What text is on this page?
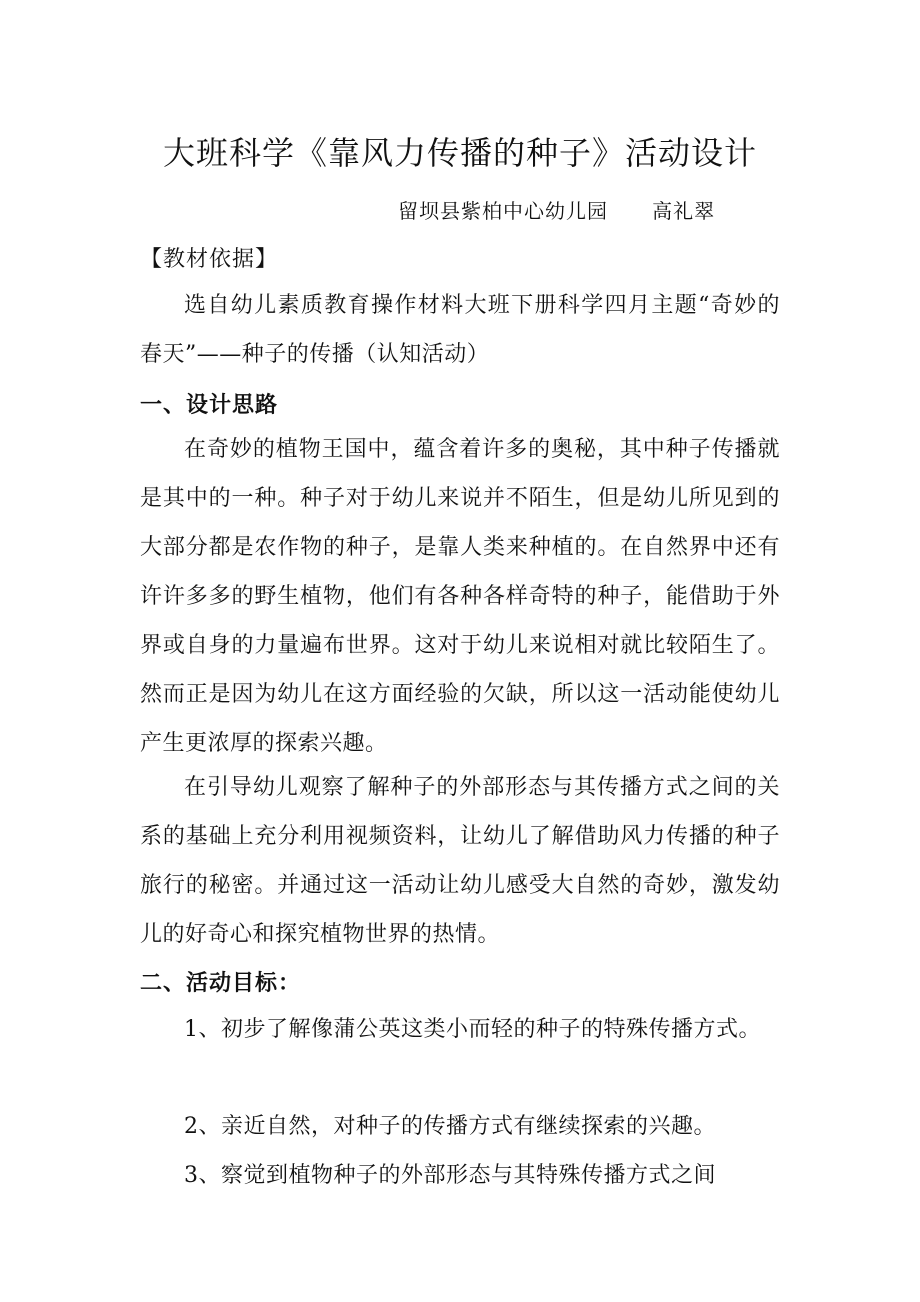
大班科学《靠风力传播的种子》活动设计
留坝县紫柏中心幼儿园      高礼翠
【教材依据】

选自幼儿素质教育操作材料大班下册科学四月主题“奇妙的春天”——种子的传播（认知活动）

一、设计思路

在奇妙的植物王国中，蕴含着许多的奥秘，其中种子传播就是其中的一种。种子对于幼儿来说并不陌生，但是幼儿所见到的大部分都是农作物的种子，是靠人类来种植的。在自然界中还有许许多多的野生植物，他们有各种各样奇特的种子，能借助于外界或自身的力量遍布世界。这对于幼儿来说相对就比较陌生了。然而正是因为幼儿在这方面经验的欠缺，所以这一活动能使幼儿产生更浓厚的探索兴趣。

在引导幼儿观察了解种子的外部形态与其传播方式之间的关系的基础上充分利用视频资料，让幼儿了解借助风力传播的种子旅行的秘密。并通过这一活动让幼儿感受大自然的奇妙，激发幼儿的好奇心和探究植物世界的热情。

二、活动目标：

1、初步了解像蒲公英这类小而轻的种子的特殊传播方式。

2、亲近自然，对种子的传播方式有继续探索的兴趣。

3、察觉到植物种子的外部形态与其特殊传播方式之间
